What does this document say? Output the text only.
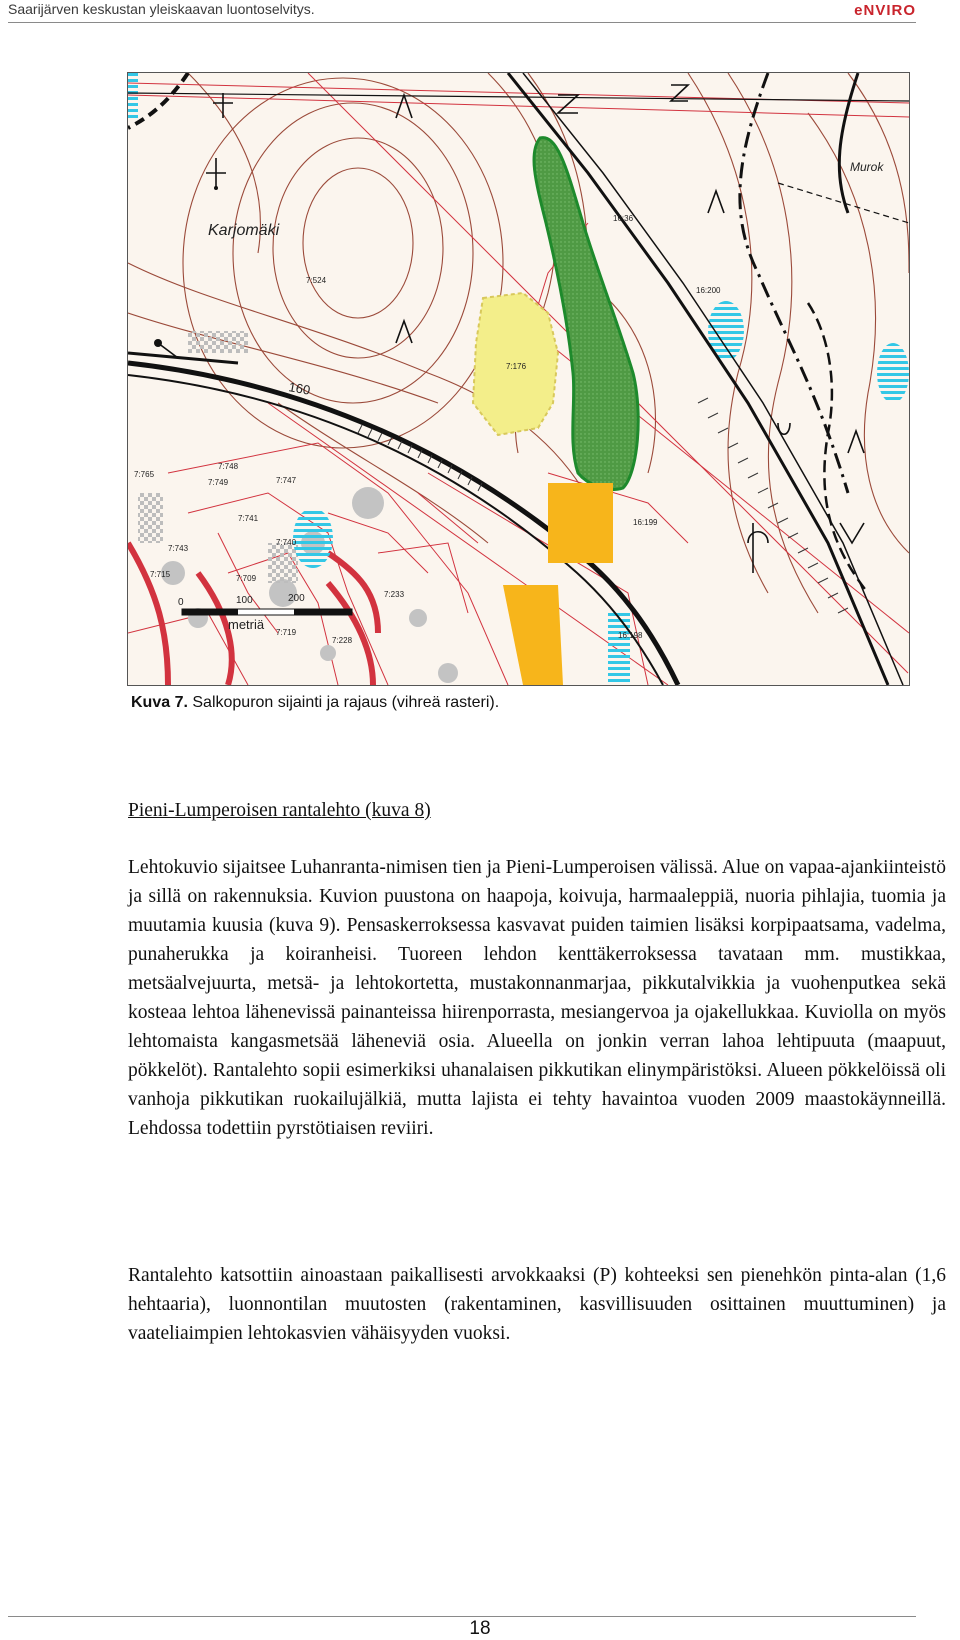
Saarijärven keskustan yleiskaavan luontoselvitys.	eNVIRO
Karjomäki
Murok
160
7:524
7:176
16:200
16:199
16:198
16:36
7:765
7:748
7:749	7:747
7:741
7:740
7:743
7:715	7:709
7:719
7:233
7:228
0	100	200
metriä
Kuva 7. Salkopuron sijainti ja rajaus (vihreä rasteri).
Pieni-Lumperoisen rantalehto (kuva 8)
Lehtokuvio sijaitsee Luhanranta-nimisen tien ja Pieni-Lumperoisen välissä. Alue on vapaa-ajankiinteistö ja sillä on rakennuksia. Kuvion puustona on haapoja, koivuja, harmaaleppiä, nuoria pihlajia, tuomia ja muutamia kuusia (kuva 9). Pensaskerroksessa kasvavat puiden taimien lisäksi korpipaatsama, vadelma, punaherukka ja koiranheisi. Tuoreen lehdon kenttäkerroksessa tavataan mm. mustikkaa, metsäalvejuurta, metsä- ja lehtokortetta, mustakonnanmarjaa, pikkutalvikkia ja vuohenputkea sekä kosteaa lehtoa lähenevissä painanteissa hiirenporrasta, mesiangervoa ja ojakellukkaa. Kuviolla on myös lehtomaista kangasmetsää läheneviä osia. Alueella on jonkin verran lahoa lehtipuuta (maapuut, pökkelöt). Rantalehto sopii esimerkiksi uhanalaisen pikkutikan elinympäristöksi. Alueen pökkelöissä oli vanhoja pikkutikan ruokailujälkiä, mutta lajista ei tehty havaintoa vuoden 2009 maastokäynneillä. Lehdossa todettiin pyrstötiaisen reviiri.
Rantalehto katsottiin ainoastaan paikallisesti arvokkaaksi (P) kohteeksi sen pienehkön pinta-alan (1,6 hehtaaria), luonnontilan muutosten (rakentaminen, kasvillisuuden osittainen muuttuminen) ja vaateliaimpien lehtokasvien vähäisyyden vuoksi.
18
